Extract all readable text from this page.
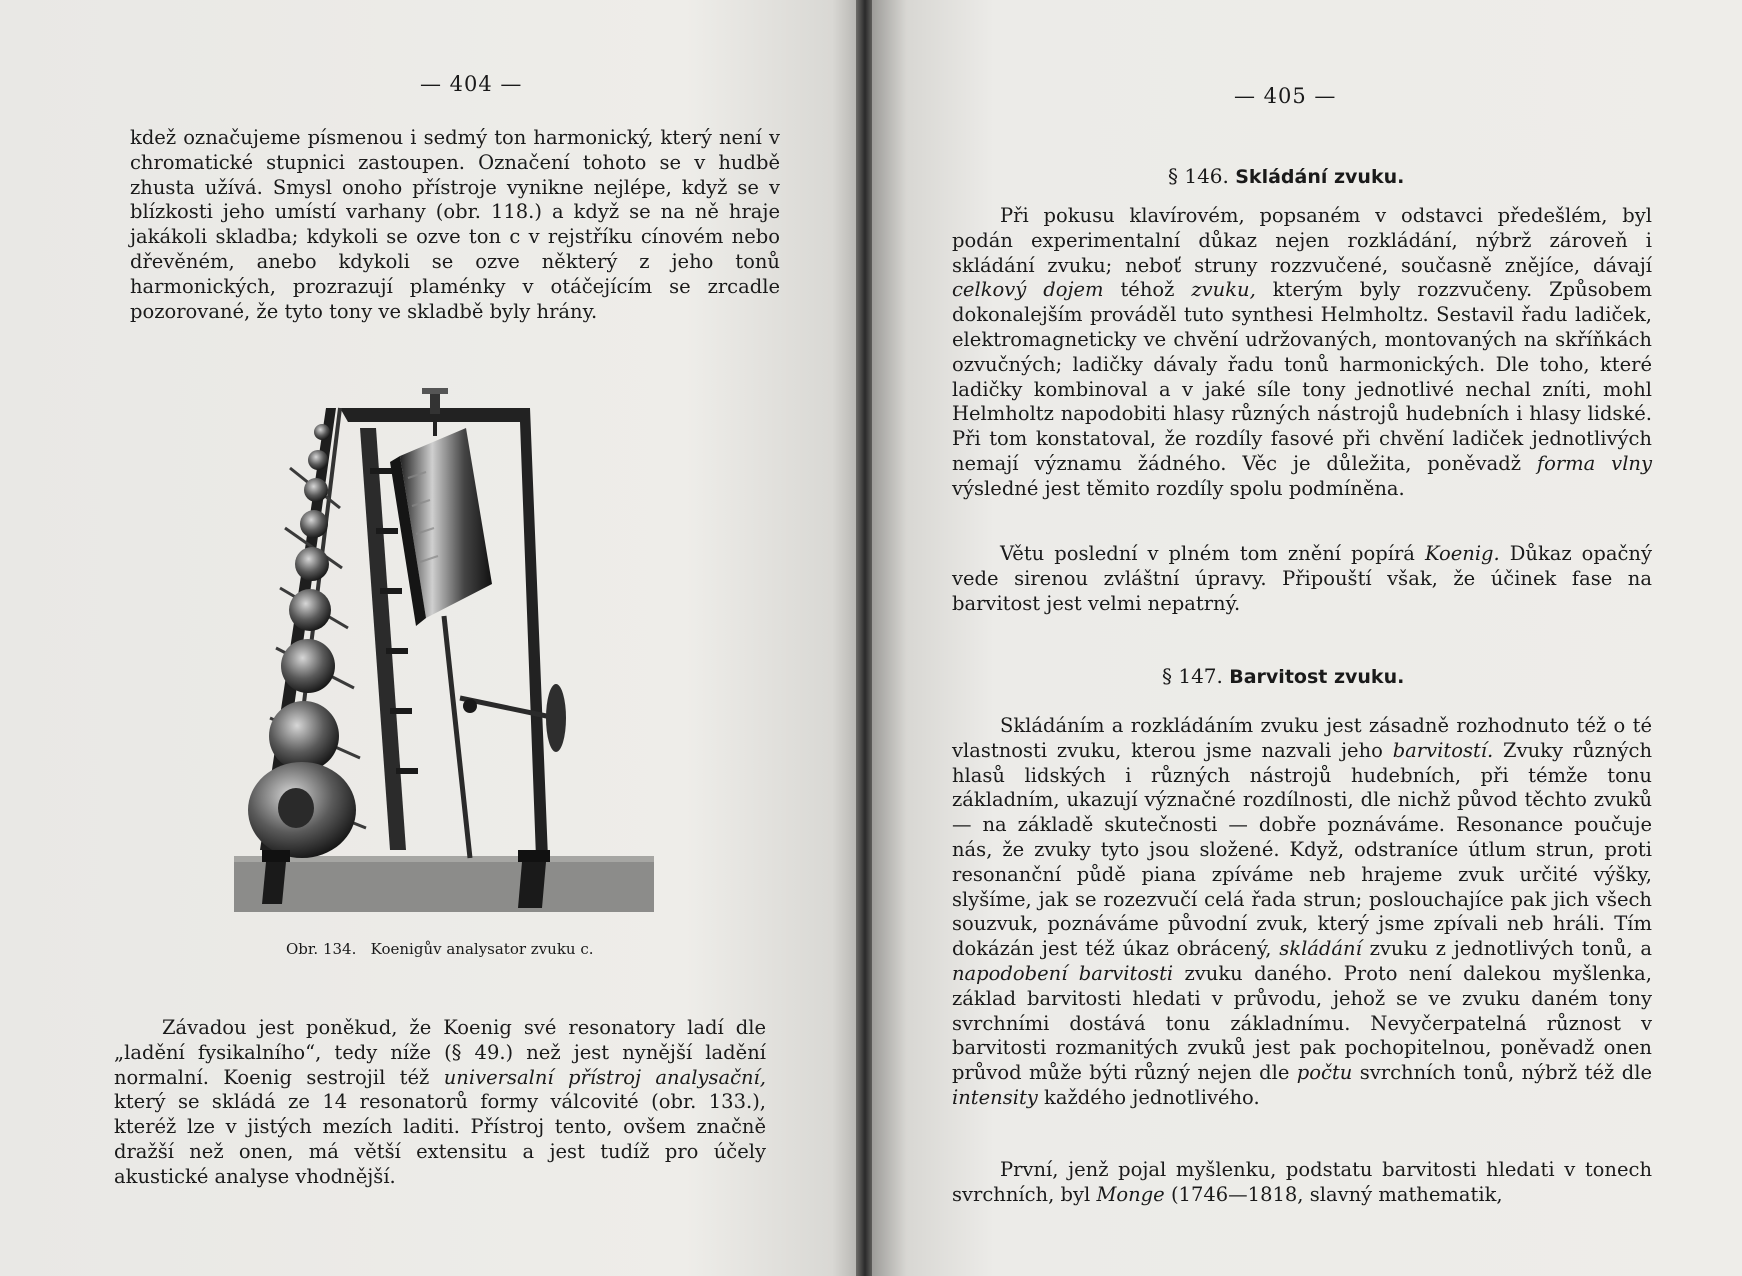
— 404 —

kdež označujeme písmenou i sedmý ton harmonický, který není v chromatické stupnici zastoupen. Označení tohoto se v hudbě zhusta užívá. Smysl onoho přístroje vynikne nejlépe, když se v blízkosti jeho umístí varhany (obr. 118.) a když se na ně hraje jakákoli skladba; kdykoli se ozve ton c v rejstříku cínovém nebo dřevěném, anebo kdykoli se ozve některý z jeho tonů harmonických, prozrazují plaménky v otáčejícím se zrcadle pozorované, že tyto tony ve skladbě byly hrány.

Obr. 134. Koenigův analysator zvuku c.

Závadou jest poněkud, že Koenig své resonatory ladí dle „ladění fysikalního“, tedy níže (§ 49.) než jest nynější ladění normalní. Koenig sestrojil též universalní přístroj analysační, který se skládá ze 14 resonatorů formy válcovité (obr. 133.), kteréž lze v jistých mezích laditi. Přístroj tento, ovšem značně dražší než onen, má větší extensitu a jest tudíž pro účely akustické analyse vhodnější.

— 405 —
§ 146. Skládání zvuku.

Při pokusu klavírovém, popsaném v odstavci předešlém, byl podán experimentalní důkaz nejen rozkládání, nýbrž zároveň i skládání zvuku; neboť struny rozzvučené, současně znějíce, dávají celkový dojem téhož zvuku, kterým byly rozzvučeny. Způsobem dokonalejším prováděl tuto synthesi Helmholtz. Sestavil řadu ladiček, elektromagneticky ve chvění udržovaných, montovaných na skříňkách ozvučných; ladičky dávaly řadu tonů harmonických. Dle toho, které ladičky kombinoval a v jaké síle tony jednotlivé nechal zníti, mohl Helmholtz napodobiti hlasy různých nástrojů hudebních i hlasy lidské. Při tom konstatoval, že rozdíly fasové při chvění ladiček jednotlivých nemají významu žádného. Věc je důležita, poněvadž forma vlny výsledné jest těmito rozdíly spolu podmíněna.

Větu poslední v plném tom znění popírá Koenig. Důkaz opačný vede sirenou zvláštní úpravy. Připouští však, že účinek fase na barvitost jest velmi nepatrný.

§ 147. Barvitost zvuku.

Skládáním a rozkládáním zvuku jest zásadně rozhodnuto též o té vlastnosti zvuku, kterou jsme nazvali jeho barvitostí. Zvuky různých hlasů lidských i různých nástrojů hudebních, při témže tonu základním, ukazují význačné rozdílnosti, dle nichž původ těchto zvuků — na základě skutečnosti — dobře poznáváme. Resonance poučuje nás, že zvuky tyto jsou složené. Když, odstraníce útlum strun, proti resonanční půdě piana zpíváme neb hrajeme zvuk určité výšky, slyšíme, jak se rozezvučí celá řada strun; poslouchajíce pak jich všech souzvuk, poznáváme původní zvuk, který jsme zpívali neb hráli. Tím dokázán jest též úkaz obrácený, skládání zvuku z jednotlivých tonů, a napodobení barvitosti zvuku daného. Proto není dalekou myšlenka, základ barvitosti hledati v průvodu, jehož se ve zvuku daném tony svrchními dostává tonu základnímu. Nevyčerpatelná různost v barvitosti rozmanitých zvuků jest pak pochopitelnou, poněvadž onen průvod může býti různý nejen dle počtu svrchních tonů, nýbrž též dle intensity každého jednotlivého.

První, jenž pojal myšlenku, podstatu barvitosti hledati v tonech svrchních, byl Monge (1746—1818, slavný mathematik,
